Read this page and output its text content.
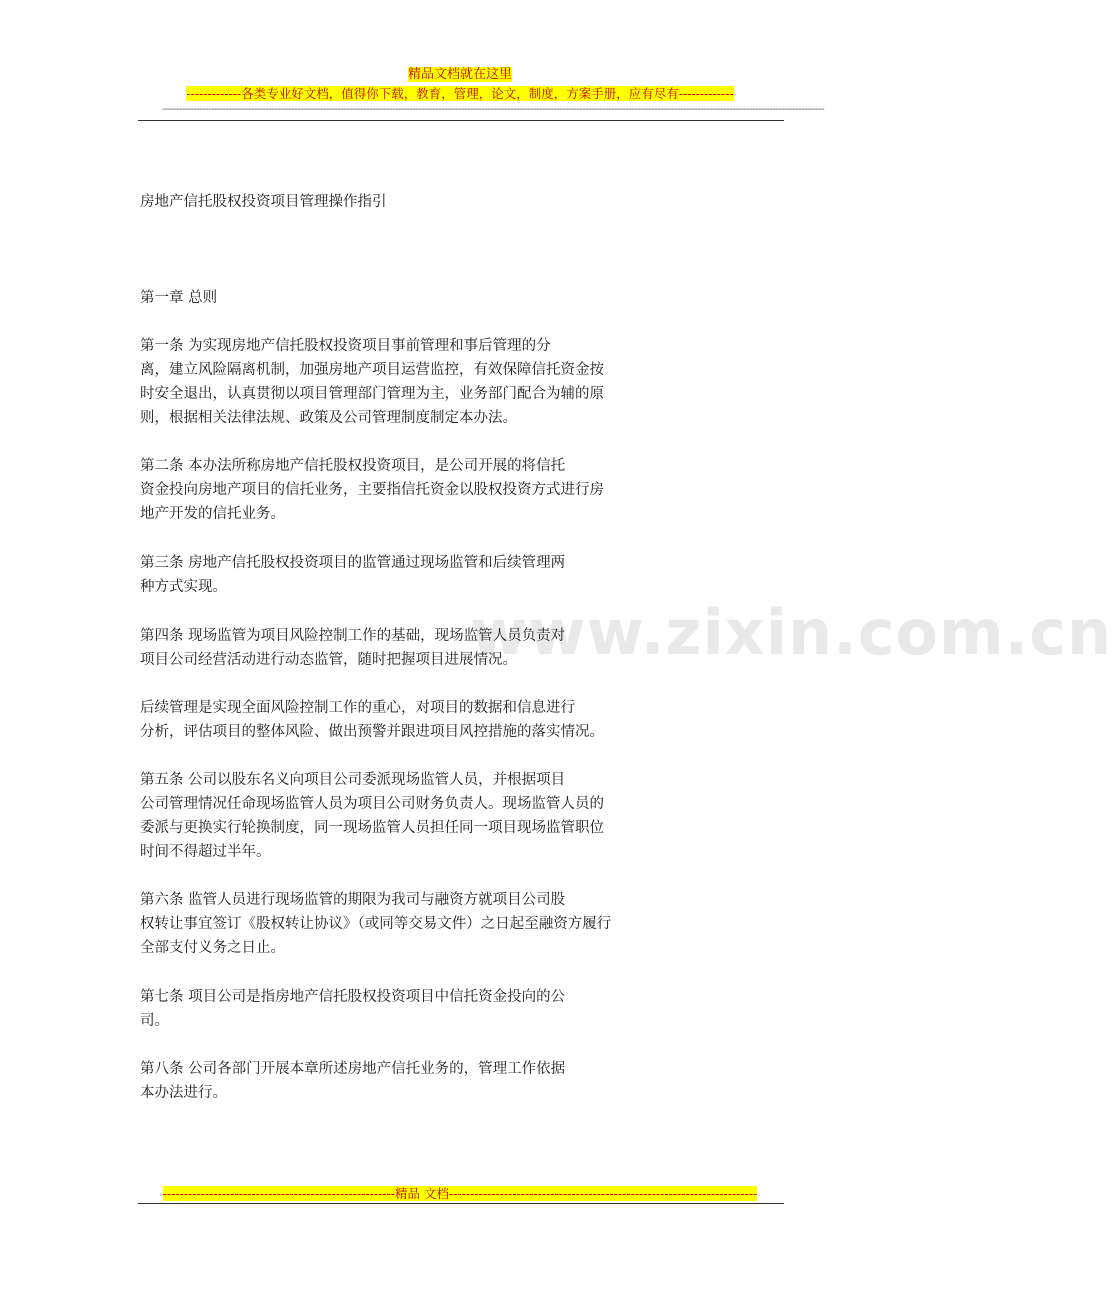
精品文档就在这里
-------------各类专业好文档，值得你下载，教育，管理，论文，制度，方案手册，应有尽有-------------
--------------------------------------------------------------------------------------------------------------------------------------------------------------------------------------------------------------------------------------
www.zixin.com.cn
房地产信托股权投资项目管理操作指引
第一章 总则
第一条 为实现房地产信托股权投资项目事前管理和事后管理的分
离，建立风险隔离机制，加强房地产项目运营监控，有效保障信托资金按
时安全退出，认真贯彻以项目管理部门管理为主，业务部门配合为辅的原
则，根据相关法律法规、政策及公司管理制度制定本办法。
第二条 本办法所称房地产信托股权投资项目，是公司开展的将信托
资金投向房地产项目的信托业务，主要指信托资金以股权投资方式进行房
地产开发的信托业务。
第三条 房地产信托股权投资项目的监管通过现场监管和后续管理两
种方式实现。
第四条 现场监管为项目风险控制工作的基础，现场监管人员负责对
项目公司经营活动进行动态监管，随时把握项目进展情况。
后续管理是实现全面风险控制工作的重心，对项目的数据和信息进行
分析，评估项目的整体风险、做出预警并跟进项目风控措施的落实情况。
第五条 公司以股东名义向项目公司委派现场监管人员，并根据项目
公司管理情况任命现场监管人员为项目公司财务负责人。现场监管人员的
委派与更换实行轮换制度，同一现场监管人员担任同一项目现场监管职位
时间不得超过半年。
第六条 监管人员进行现场监管的期限为我司与融资方就项目公司股
权转让事宜签订《股权转让协议》（或同等交易文件）之日起至融资方履行
全部支付义务之日止。
第七条 项目公司是指房地产信托股权投资项目中信托资金投向的公
司。
第八条 公司各部门开展本章所述房地产信托业务的，管理工作依据
本办法进行。
-------------------------------------------------------精品 文档-------------------------------------------------------------------------
